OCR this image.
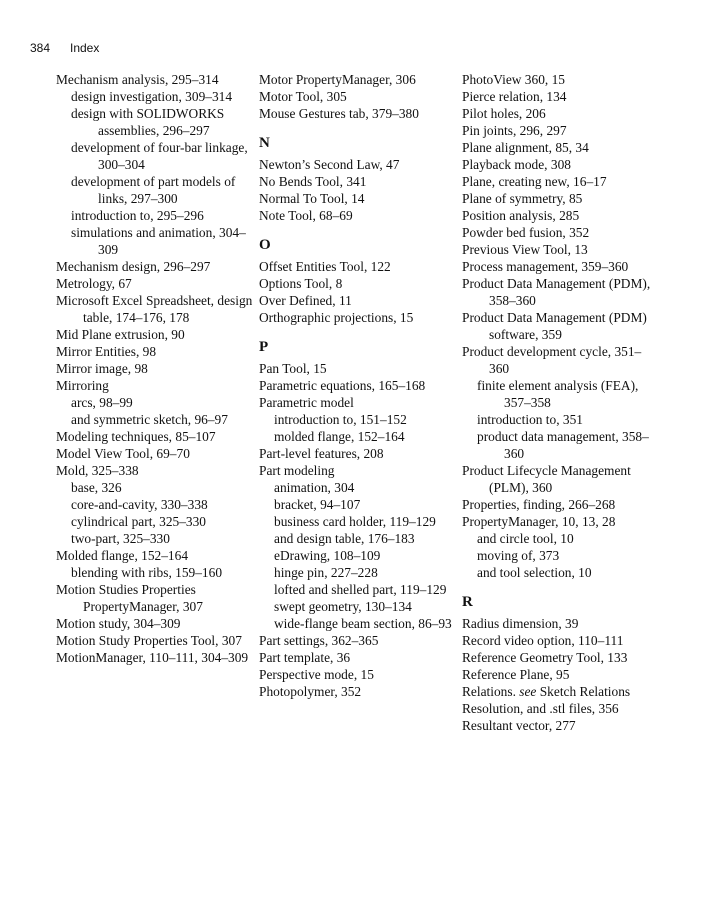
384 Index
Mechanism analysis, 295–314
design investigation, 309–314
design with SOLIDWORKS assemblies, 296–297
development of four-bar linkage, 300–304
development of part models of links, 297–300
introduction to, 295–296
simulations and animation, 304–309
Mechanism design, 296–297
Metrology, 67
Microsoft Excel Spreadsheet, design table, 174–176, 178
Mid Plane extrusion, 90
Mirror Entities, 98
Mirror image, 98
Mirroring
arcs, 98–99
and symmetric sketch, 96–97
Modeling techniques, 85–107
Model View Tool, 69–70
Mold, 325–338
base, 326
core-and-cavity, 330–338
cylindrical part, 325–330
two-part, 325–330
Molded flange, 152–164
blending with ribs, 159–160
Motion Studies Properties PropertyManager, 307
Motion study, 304–309
Motion Study Properties Tool, 307
MotionManager, 110–111, 304–309
Motor PropertyManager, 306
Motor Tool, 305
Mouse Gestures tab, 379–380
N
Newton’s Second Law, 47
No Bends Tool, 341
Normal To Tool, 14
Note Tool, 68–69
O
Offset Entities Tool, 122
Options Tool, 8
Over Defined, 11
Orthographic projections, 15
P
Pan Tool, 15
Parametric equations, 165–168
Parametric model
introduction to, 151–152
molded flange, 152–164
Part-level features, 208
Part modeling
animation, 304
bracket, 94–107
business card holder, 119–129
and design table, 176–183
eDrawing, 108–109
hinge pin, 227–228
lofted and shelled part, 119–129
swept geometry, 130–134
wide-flange beam section, 86–93
Part settings, 362–365
Part template, 36
Perspective mode, 15
Photopolymer, 352
PhotoView 360, 15
Pierce relation, 134
Pilot holes, 206
Pin joints, 296, 297
Plane alignment, 85, 34
Playback mode, 308
Plane, creating new, 16–17
Plane of symmetry, 85
Position analysis, 285
Powder bed fusion, 352
Previous View Tool, 13
Process management, 359–360
Product Data Management (PDM), 358–360
Product Data Management (PDM) software, 359
Product development cycle, 351–360
finite element analysis (FEA), 357–358
introduction to, 351
product data management, 358–360
Product Lifecycle Management (PLM), 360
Properties, finding, 266–268
PropertyManager, 10, 13, 28
and circle tool, 10
moving of, 373
and tool selection, 10
R
Radius dimension, 39
Record video option, 110–111
Reference Geometry Tool, 133
Reference Plane, 95
Relations. see Sketch Relations
Resolution, and .stl files, 356
Resultant vector, 277
